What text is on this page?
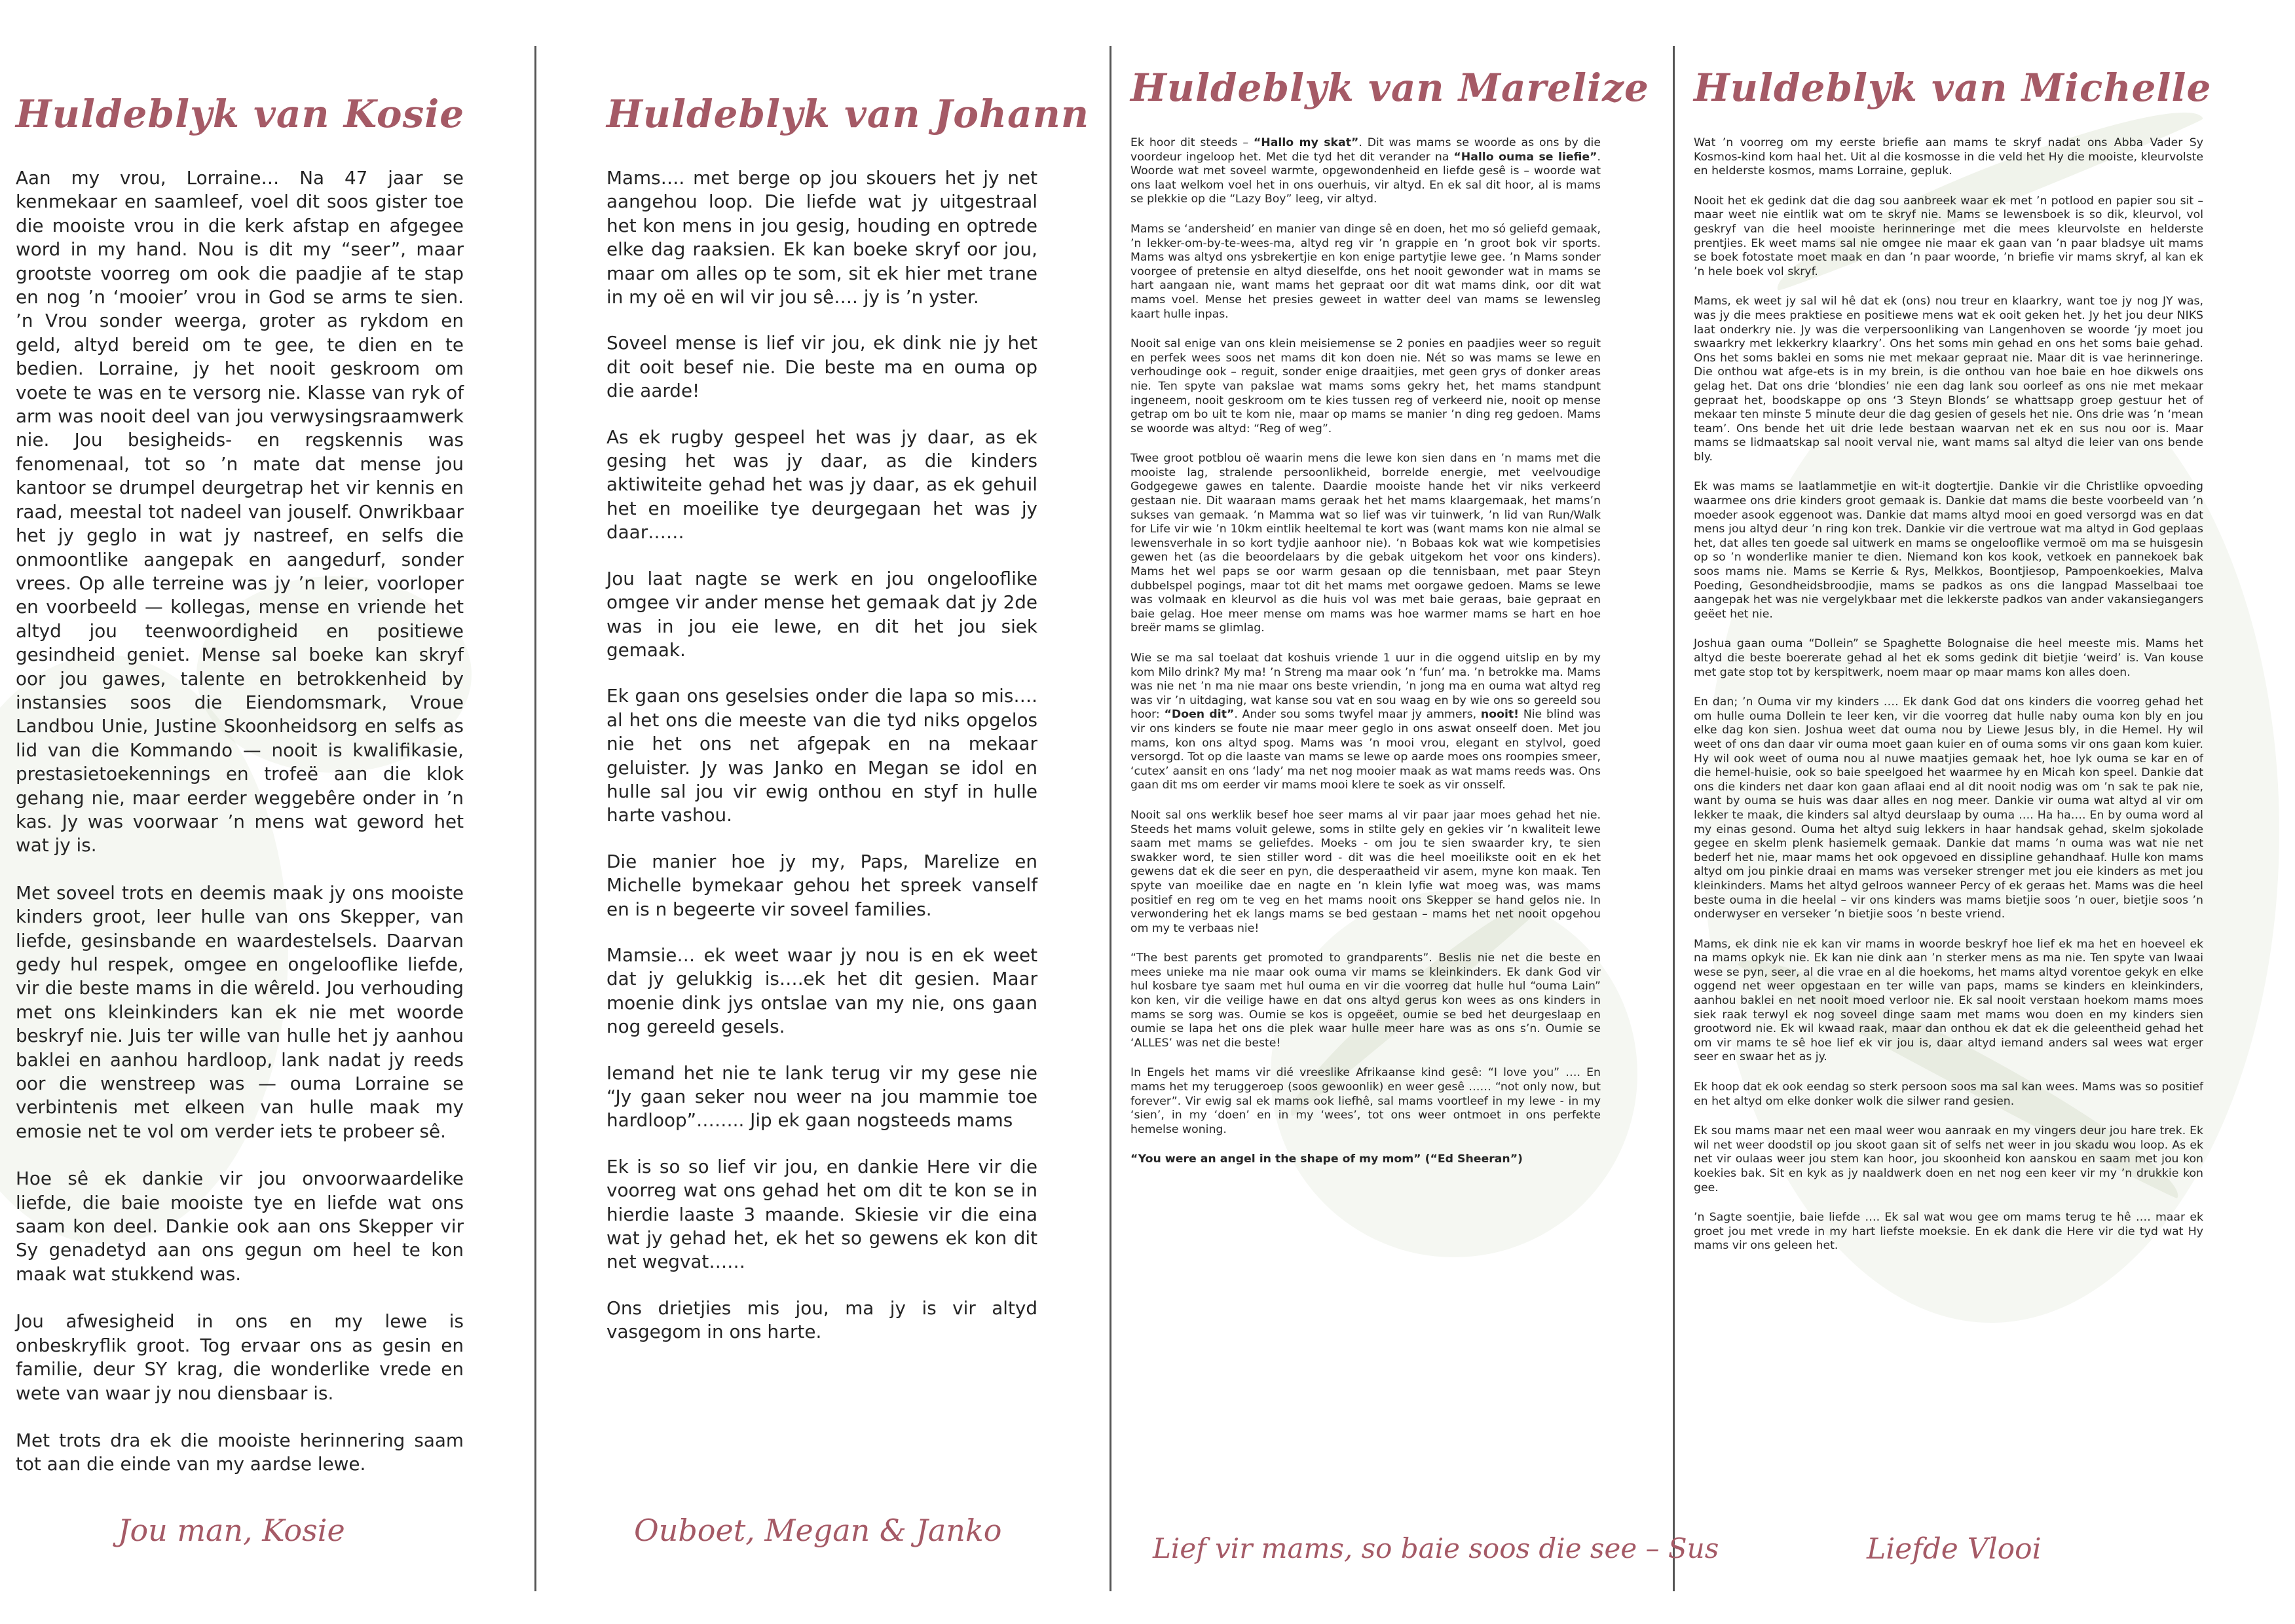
Huldeblyk van Kosie

Aan my vrou, Lorraine… Na 47 jaar se kenmekaar en saamleef, voel dit soos gister toe die mooiste vrou in die kerk afstap en afgegee word in my hand. Nou is dit my “seer”, maar grootste voorreg om ook die paadjie af te stap en nog ’n ‘mooier’ vrou in God se arms te sien. ’n Vrou sonder weerga, groter as rykdom en geld, altyd bereid om te gee, te dien en te bedien. Lorraine, jy het nooit geskroom om voete te was en te versorg nie. Klasse van ryk of arm was nooit deel van jou verwysingsraamwerk nie. Jou besigheids- en regskennis was fenomenaal, tot so ’n mate dat mense jou kantoor se drumpel deurgetrap het vir kennis en raad, meestal tot nadeel van jouself. Onwrikbaar het jy geglo in wat jy nastreef, en selfs die onmoontlike aangepak en aangedurf, sonder vrees. Op alle terreine was jy ’n leier, voorloper en voorbeeld — kollegas, mense en vriende het altyd jou teenwoordigheid en positiewe gesindheid geniet. Mense sal boeke kan skryf oor jou gawes, talente en betrokkenheid by instansies soos die Eiendomsmark, Vroue Landbou Unie, Justine Skoonheidsorg en selfs as lid van die Kommando — nooit is kwalifikasie, prestasietoekennings en trofeë aan die klok gehang nie, maar eerder weggebêre onder in ’n kas. Jy was voorwaar ’n mens wat geword het wat jy is.

Met soveel trots en deemis maak jy ons mooiste kinders groot, leer hulle van ons Skepper, van liefde, gesinsbande en waardestelsels. Daarvan gedy hul respek, omgee en ongelooflike liefde, vir die beste mams in die wêreld. Jou verhouding met ons kleinkinders kan ek nie met woorde beskryf nie. Juis ter wille van hulle het jy aanhou baklei en aanhou hardloop, lank nadat jy reeds oor die wenstreep was — ouma Lorraine se verbintenis met elkeen van hulle maak my emosie net te vol om verder iets te probeer sê.

Hoe sê ek dankie vir jou onvoorwaardelike liefde, die baie mooiste tye en liefde wat ons saam kon deel. Dankie ook aan ons Skepper vir Sy genadetyd aan ons gegun om heel te kon maak wat stukkend was.

Jou afwesigheid in ons en my lewe is onbeskryflik groot. Tog ervaar ons as gesin en familie, deur SY krag, die wonderlike vrede en wete van waar jy nou diensbaar is.

Met trots dra ek die mooiste herinnering saam tot aan die einde van my aardse lewe.

Jou man, Kosie
Huldeblyk van Johann

Mams…. met berge op jou skouers het jy net aangehou loop. Die liefde wat jy uitgestraal het kon mens in jou gesig, houding en optrede elke dag raaksien. Ek kan boeke skryf oor jou, maar om alles op te som, sit ek hier met trane in my oë en wil vir jou sê…. jy is ’n yster.

Soveel mense is lief vir jou, ek dink nie jy het dit ooit besef nie. Die beste ma en ouma op die aarde!

As ek rugby gespeel het was jy daar, as ek gesing het was jy daar, as die kinders aktiwiteite gehad het was jy daar, as ek gehuil het en moeilike tye deurgegaan het was jy daar……

Jou laat nagte se werk en jou ongelooflike omgee vir ander mense het gemaak dat jy 2de was in jou eie lewe, en dit het jou siek gemaak.

Ek gaan ons geselsies onder die lapa so mis…. al het ons die meeste van die tyd niks opgelos nie het ons net afgepak en na mekaar geluister. Jy was Janko en Megan se idol en hulle sal jou vir ewig onthou en styf in hulle harte vashou.

Die manier hoe jy my, Paps, Marelize en Michelle bymekaar gehou het spreek vanself en is n begeerte vir soveel families.

Mamsie… ek weet waar jy nou is en ek weet dat jy gelukkig is….ek het dit gesien. Maar moenie dink jys ontslae van my nie, ons gaan nog gereeld gesels.

Iemand het nie te lank terug vir my gese nie “Jy gaan seker nou weer na jou mammie toe hardloop”…….. Jip ek gaan nogsteeds mams

Ek is so so lief vir jou, en dankie Here vir die voorreg wat ons gehad het om dit te kon se in hierdie laaste 3 maande. Skiesie vir die eina wat jy gehad het, ek het so gewens ek kon dit net wegvat……

Ons drietjies mis jou, ma jy is vir altyd vasgegom in ons harte.

Ouboet, Megan & Janko
Huldeblyk van Marelize

Ek hoor dit steeds – “Hallo my skat”. Dit was mams se woorde as ons by die voordeur ingeloop het. Met die tyd het dit verander na “Hallo ouma se liefie”. Woorde wat met soveel warmte, opgewondenheid en liefde gesê is – woorde wat ons laat welkom voel het in ons ouerhuis, vir altyd. En ek sal dit hoor, al is mams se plekkie op die “Lazy Boy” leeg, vir altyd.

Mams se ‘andersheid’ en manier van dinge sê en doen, het mo só geliefd gemaak, ’n lekker-om-by-te-wees-ma, altyd reg vir ’n grappie en ’n groot bok vir sports. Mams was altyd ons ysbrekertjie en kon enige partytjie lewe gee. ’n Mams sonder voorgee of pretensie en altyd dieselfde, ons het nooit gewonder wat in mams se hart aangaan nie, want mams het gepraat oor dit wat mams dink, oor dit wat mams voel. Mense het presies geweet in watter deel van mams se lewensleg kaart hulle inpas.

Nooit sal enige van ons klein meisiemense se 2 ponies en paadjies weer so reguit en perfek wees soos net mams dit kon doen nie. Nét so was mams se lewe en verhoudinge ook – reguit, sonder enige draaitjies, met geen grys of donker areas nie. Ten spyte van pakslae wat mams soms gekry het, het mams standpunt ingeneem, nooit geskroom om te kies tussen reg of verkeerd nie, nooit op mense getrap om bo uit te kom nie, maar op mams se manier ’n ding reg gedoen. Mams se woorde was altyd: “Reg of weg”.

Twee groot potblou oë waarin mens die lewe kon sien dans en ’n mams met die mooiste lag, stralende persoonlikheid, borrelde energie, met veelvoudige Godgegewe gawes en talente. Daardie mooiste hande het vir niks verkeerd gestaan nie. Dit waaraan mams geraak het het mams klaargemaak, het mams’n sukses van gemaak. ’n Mamma wat so lief was vir tuinwerk, ’n lid van Run/Walk for Life vir wie ’n 10km eintlik heeltemal te kort was (want mams kon nie almal se lewensverhale in so kort tydjie aanhoor nie). ’n Bobaas kok wat wie kompetisies gewen het (as die beoordelaars by die gebak uitgekom het voor ons kinders). Mams het wel paps se oor warm gesaan op die tennisbaan, met paar Steyn dubbelspel pogings, maar tot dit het mams met oorgawe gedoen. Mams se lewe was volmaak en kleurvol as die huis vol was met baie geraas, baie gepraat en baie gelag. Hoe meer mense om mams was hoe warmer mams se hart en hoe breër mams se glimlag.

Wie se ma sal toelaat dat koshuis vriende 1 uur in die oggend uitslip en by my kom Milo drink? My ma! ’n Streng ma maar ook ’n ‘fun’ ma. ’n betrokke ma. Mams was nie net ’n ma nie maar ons beste vriendin, ’n jong ma en ouma wat altyd reg was vir ’n uitdaging, wat kanse sou vat en sou waag en by wie ons so gereeld sou hoor: “Doen dit”. Ander sou soms twyfel maar jy ammers, nooit! Nie blind was vir ons kinders se foute nie maar meer geglo in ons aswat onseelf doen. Met jou mams, kon ons altyd spog. Mams was ’n mooi vrou, elegant en stylvol, goed versorgd. Tot op die laaste van mams se lewe op aarde moes ons roompies smeer, ‘cutex’ aansit en ons ‘lady’ ma net nog mooier maak as wat mams reeds was. Ons gaan dit ms om eerder vir mams mooi klere te soek as vir onsself.

Nooit sal ons werklik besef hoe seer mams al vir paar jaar moes gehad het nie. Steeds het mams voluit gelewe, soms in stilte gely en gekies vir ’n kwaliteit lewe saam met mams se geliefdes. Moeks - om jou te sien swaarder kry, te sien swakker word, te sien stiller word - dit was die heel moeilikste ooit en ek het gewens dat ek die seer en pyn, die desperaatheid vir asem, myne kon maak. Ten spyte van moeilike dae en nagte en ’n klein lyfie wat moeg was, was mams positief en reg om te veg en het mams nooit ons Skepper se hand gelos nie. In verwondering het ek langs mams se bed gestaan – mams het net nooit opgehou om my te verbaas nie!

“The best parents get promoted to grandparents”. Beslis nie net die beste en mees unieke ma nie maar ook ouma vir mams se kleinkinders. Ek dank God vir hul kosbare tye saam met hul ouma en vir die voorreg dat hulle hul “ouma Lain” kon ken, vir die veilige hawe en dat ons altyd gerus kon wees as ons kinders in mams se sorg was. Oumie se kos is opgeëet, oumie se bed het deurgeslaap en oumie se lapa het ons die plek waar hulle meer hare was as ons s’n. Oumie se ‘ALLES’ was net die beste!

In Engels het mams vir dié vreeslike Afrikaanse kind gesê: “I love you” …. En mams het my teruggeroep (soos gewoonlik) en weer gesê …… “not only now, but forever”. Vir ewig sal ek mams ook liefhê, sal mams voortleef in my lewe - in my ‘sien’, in my ‘doen’ en in my ‘wees’, tot ons weer ontmoet in ons perfekte hemelse woning.

“You were an angel in the shape of my mom” (“Ed Sheeran”)

Lief vir mams, so baie soos die see – Sus
Huldeblyk van Michelle

Wat ’n voorreg om my eerste briefie aan mams te skryf nadat ons Abba Vader Sy Kosmos-kind kom haal het. Uit al die kosmosse in die veld het Hy die mooiste, kleurvolste en helderste kosmos, mams Lorraine, gepluk.

Nooit het ek gedink dat die dag sou aanbreek waar ek met ’n potlood en papier sou sit – maar weet nie eintlik wat om te skryf nie. Mams se lewensboek is so dik, kleurvol, vol geskryf van die heel mooiste herinneringe met die mees kleurvolste en helderste prentjies. Ek weet mams sal nie omgee nie maar ek gaan van ’n paar bladsye uit mams se boek fotostate moet maak en dan ’n paar woorde, ’n briefie vir mams skryf, al kan ek ’n hele boek vol skryf.

Mams, ek weet jy sal wil hê dat ek (ons) nou treur en klaarkry, want toe jy nog JY was, was jy die mees praktiese en positiewe mens wat ek ooit geken het. Jy het jou deur NIKS laat onderkry nie. Jy was die verpersoonliking van Langenhoven se woorde ‘jy moet jou swaarkry met lekkerkry klaarkry’. Ons het soms min gehad en ons het soms baie gehad. Ons het soms baklei en soms nie met mekaar gepraat nie. Maar dit is vae herinneringe. Die onthou wat afge-ets is in my brein, is die onthou van hoe baie en hoe dikwels ons gelag het. Dat ons drie ‘blondies’ nie een dag lank sou oorleef as ons nie met mekaar gepraat het, boodskappe op ons ‘3 Steyn Blonds’ se whattsapp groep gestuur het of mekaar ten minste 5 minute deur die dag gesien of gesels het nie. Ons drie was ’n ‘mean team’. Ons bende het uit drie lede bestaan waarvan net ek en sus nou oor is. Maar mams se lidmaatskap sal nooit verval nie, want mams sal altyd die leier van ons bende bly.

Ek was mams se laatlammetjie en wit-it dogtertjie. Dankie vir die Christlike opvoeding waarmee ons drie kinders groot gemaak is. Dankie dat mams die beste voorbeeld van ’n moeder asook eggenoot was. Dankie dat mams altyd mooi en goed versorgd was en dat mens jou altyd deur ’n ring kon trek. Dankie vir die vertroue wat ma altyd in God geplaas het, dat alles ten goede sal uitwerk en mams se ongelooflike vermoë om ma se huisgesin op so ’n wonderlike manier te dien. Niemand kon kos kook, vetkoek en pannekoek bak soos mams nie. Mams se Kerrie & Rys, Melkkos, Boontjiesop, Pampoenkoekies, Malva Poeding, Gesondheidsbroodjie, mams se padkos as ons die langpad Masselbaai toe aangepak het was nie vergelykbaar met die lekkerste padkos van ander vakansiegangers geëet het nie.

Joshua gaan ouma “Dollein” se Spaghette Bolognaise die heel meeste mis. Mams het altyd die beste boererate gehad al het ek soms gedink dit bietjie ‘weird’ is. Van kouse met gate stop tot by kerspitwerk, noem maar op maar mams kon alles doen.

En dan; ’n Ouma vir my kinders …. Ek dank God dat ons kinders die voorreg gehad het om hulle ouma Dollein te leer ken, vir die voorreg dat hulle naby ouma kon bly en jou elke dag kon sien. Joshua weet dat ouma nou by Liewe Jesus bly, in die Hemel. Hy wil weet of ons dan daar vir ouma moet gaan kuier en of ouma soms vir ons gaan kom kuier. Hy wil ook weet of ouma nou al nuwe maatjies gemaak het, hoe lyk ouma se kar en of die hemel-huisie, ook so baie speelgoed het waarmee hy en Micah kon speel. Dankie dat ons die kinders net daar kon gaan aflaai end al dit nooit nodig was om ’n sak te pak nie, want by ouma se huis was daar alles en nog meer. Dankie vir ouma wat altyd al vir om lekker te maak, die kinders sal altyd deurslaap by ouma …. Ha ha…. En by ouma word al my einas gesond. Ouma het altyd suig lekkers in haar handsak gehad, skelm sjokolade gegee en skelm plenk hasiemelk gemaak. Dankie dat mams ’n ouma was wat nie net bederf het nie, maar mams het ook opgevoed en dissipline gehandhaaf. Hulle kon mams altyd om jou pinkie draai en mams was verseker strenger met jou eie kinders as met jou kleinkinders. Mams het altyd gelroos wanneer Percy of ek geraas het. Mams was die heel beste ouma in die heelal – vir ons kinders was mams bietjie soos ’n ouer, bietjie soos ’n onderwyser en verseker ’n bietjie soos ’n beste vriend.

Mams, ek dink nie ek kan vir mams in woorde beskryf hoe lief ek ma het en hoeveel ek na mams opkyk nie. Ek kan nie dink aan ’n sterker mens as ma nie. Ten spyte van lwaai wese se pyn, seer, al die vrae en al die hoekoms, het mams altyd vorentoe gekyk en elke oggend net weer opgestaan en ter wille van paps, mams se kinders en kleinkinders, aanhou baklei en net nooit moed verloor nie. Ek sal nooit verstaan hoekom mams moes siek raak terwyl ek nog soveel dinge saam met mams wou doen en my kinders sien grootword nie. Ek wil kwaad raak, maar dan onthou ek dat ek die geleentheid gehad het om vir mams te sê hoe lief ek vir jou is, daar altyd iemand anders sal wees wat erger seer en swaar het as jy.

Ek hoop dat ek ook eendag so sterk persoon soos ma sal kan wees. Mams was so positief en het altyd om elke donker wolk die silwer rand gesien.

Ek sou mams maar net een maal weer wou aanraak en my vingers deur jou hare trek. Ek wil net weer doodstil op jou skoot gaan sit of selfs net weer in jou skadu wou loop. As ek net vir oulaas weer jou stem kan hoor, jou skoonheid kon aanskou en saam met jou kon koekies bak. Sit en kyk as jy naaldwerk doen en net nog een keer vir my ’n drukkie kon gee.

’n Sagte soentjie, baie liefde …. Ek sal wat wou gee om mams terug te hê …. maar ek groet jou met vrede in my hart liefste moeksie. En ek dank die Here vir die tyd wat Hy mams vir ons geleen het.

Liefde Vlooi
